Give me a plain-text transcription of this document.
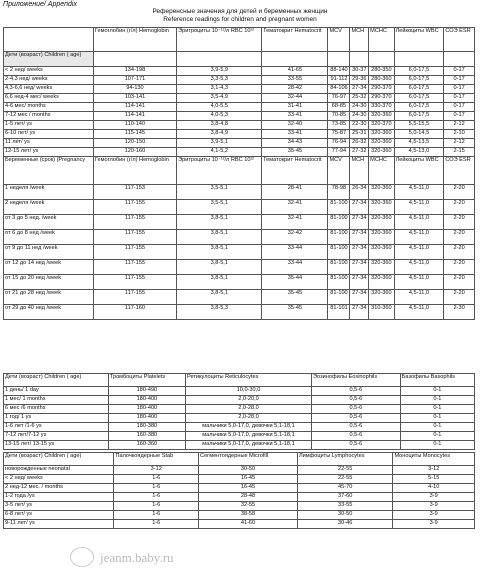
Приложение/ Appendix
Референсные значения для детей и беременных женщин
Reference readings for children and pregnant women
	Гемоглобин (г/л) Hemoglobin	Эритроциты 10⁻¹²/л RBC 10¹²	Гематокрит Hematocrit	MCV	MCH	MCHC	Лейкоциты WBC	СОЭ ESR
Дети (возраст) Children ( age)								
< 2 нед/ weeks	134-198	3,9-5,9	41-65	88-140	30-37	280-350	6,0-17,5	0-17
2-4,3 нед/ weeks	107-171	3,3-5,3	33-55	91-112	29-36	280-360	6,0-17,5	0-17
4,3-6,6 нед/ weeks	94-130	3,1-4,3	28-42	84-106	27-34	290-370	6,0-17,5	0-17
6,6 нед-4 мес/ weeks	103-141	3,5-4,9	32-44	76-97	25-32	290-370	6,0-17,5	0-17
4-6 мес/ months	114-141	4,0-5,5	31-41	68-85	24-30	330-370	6,0-17,5	0-17
7-12 мес / months	114-141	4,0-5,3	33-41	70-85	24-30	320-360	6,0-17,5	0-17
1-5 лет/ ys	110-140	3,8-4,8	32-40	73-85	22-30	320-370	5,5-15,5	2-12
6-10 лет/ ys	115-145	3,8-4,9	33-41	75-87	25-31	320-360	5,0-14,5	2-10
11 лет/ ys	120-150	3,9-5,1	34-43	76-94	26-32	320-360	4,5-13,5	2-12
12-15 лет/ ys	120-160	4,1-5,2	35-45	77-94	27-32	320-360	4,5-13,0	2-15
Беременные (срок) (Pregnancy	Гемоглобин (г/л) Hemoglobin	Эритроциты 10⁻¹²/л RBC 10¹²	Гематокрит Hematocrit	MCV	MCH	MCHC	Лейкоциты WBC	СОЭ ESR
1 неделя /week	117-153	3,5-5,1	28-41	78-98	26-34	320-360	4,5-11,0	2-20
2 неделя /week	117-155	3,5-5,1	32-41	81-100	27-34	320-360	4,5-11,0	2-20
от 3 до 5 нед. /week	117-155	3,8-5,1	32-41	81-100	27-34	320-360	4,5-11,0	2-20
от 6 до 8 нед /week	117-155	3,8-5,1	32-42	81-100	27-34	320-360	4,5-11,0	2-20
от 9 до 11 нед /week	117-155	3,8-5,1	33-44	81-100	27-34	320-360	4,5-11,0	2-20
от 12 до 14 нед /week	117-155	3,8-5,1	33-44	81-100	27-34	320-360	4,5-11,0	2-20
от 15 до 20 нед /week	117-155	3,8-5,1	35-44	81-100	27-34	320-360	4,5-11,0	2-20
от 21 до 28 нед /week	117-155	3,8-5,1	35-45	81-100	27-34	320-360	4,5-11,0	2-20
от 29 до 40 нед /week	117-160	3,8-5,3	35-45	81-101	27-34	310-360	4,5-11,0	2-30
Дети (возраст) Children ( age)	Тромбоциты Platelets	Ретикулоциты Reticulocytes	Эозинофилы Eosinophils	Базофилы Basophils
1 день/ 1 day	180-490	10,0-30,0	0,5-6	0-1
1 мес/ 1 months	180-400	2,0-20,0	0,5-6	0-1
6 мес /6 months	180-400	2,0-28,0	0,5-6	0-1
1 год/ 1 ys	180-400	2,0-28,0	0,5-6	0-1
1-6 лет /1-6 ys	180-380	мальчики 5,0-17,0, девочки 5,1-18,1	0,5-6	0-1
7-12 лет/7-12 ys	160-380	мальчики 5,0-17,0, девочки 5,1-18,1	0,5-6	0-1
13-15 лет/ 13-15 ys	160-360	мальчики 5,0-17,0, девочки 5,1-18,1	0,5-6	0-1
Дети (возраст) Children ( age)	Палочкоядерные Stab	Сегментоядерные Microfill	Лимфоциты Lymphocytes	Моноциты Monocytes
новорожденные neonatal	3-12	30-50	22-55	3-12
< 2 нед/ weeks	1-6	16-45	22-55	5-15
2 нед-12 мес. / months	1-6	16-45	45-70	4-10
1-2 года /ys	1-6	28-48	37-60	3-9
3-5 лет/ ys	1-6	32-55	33-55	3-9
6-8 лет/ ys	1-6	38-58	30-50	3-9
9-11 лет/ ys	1-6	41-60	30-46	3-9
jeanm.baby.ru
